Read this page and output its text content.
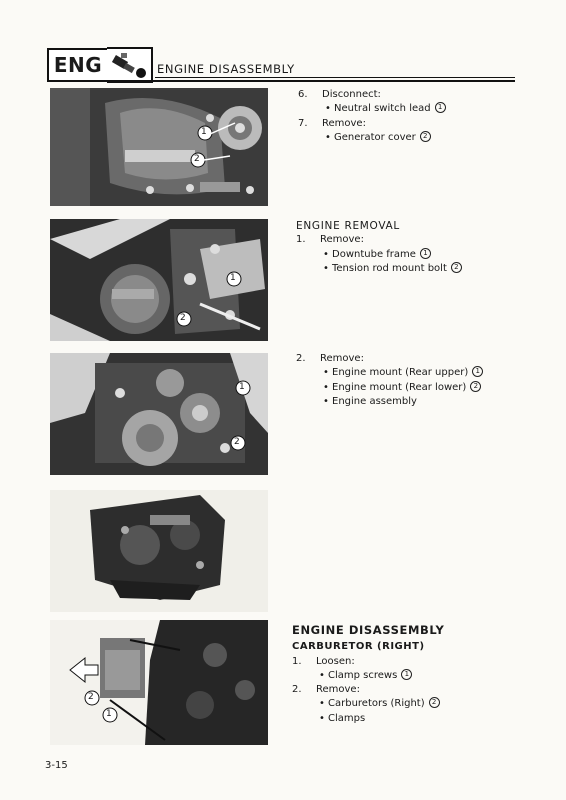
ENG	ENGINE DISASSEMBLY
1
2
1
2
1
2
2
1
6.	Disconnect:
• Neutral switch lead	1
7.	Remove:
• Generator cover	2
ENGINE REMOVAL
1.	Remove:
• Downtube frame	1
• Tension rod mount bolt	2
2.	Remove:
• Engine mount (Rear upper)	1
• Engine mount (Rear lower)	2
• Engine assembly
ENGINE DISASSEMBLY
CARBURETOR (RIGHT)
1.	Loosen:
• Clamp screws	1
2.	Remove:
• Carburetors (Right)	2
• Clamps
3-15
